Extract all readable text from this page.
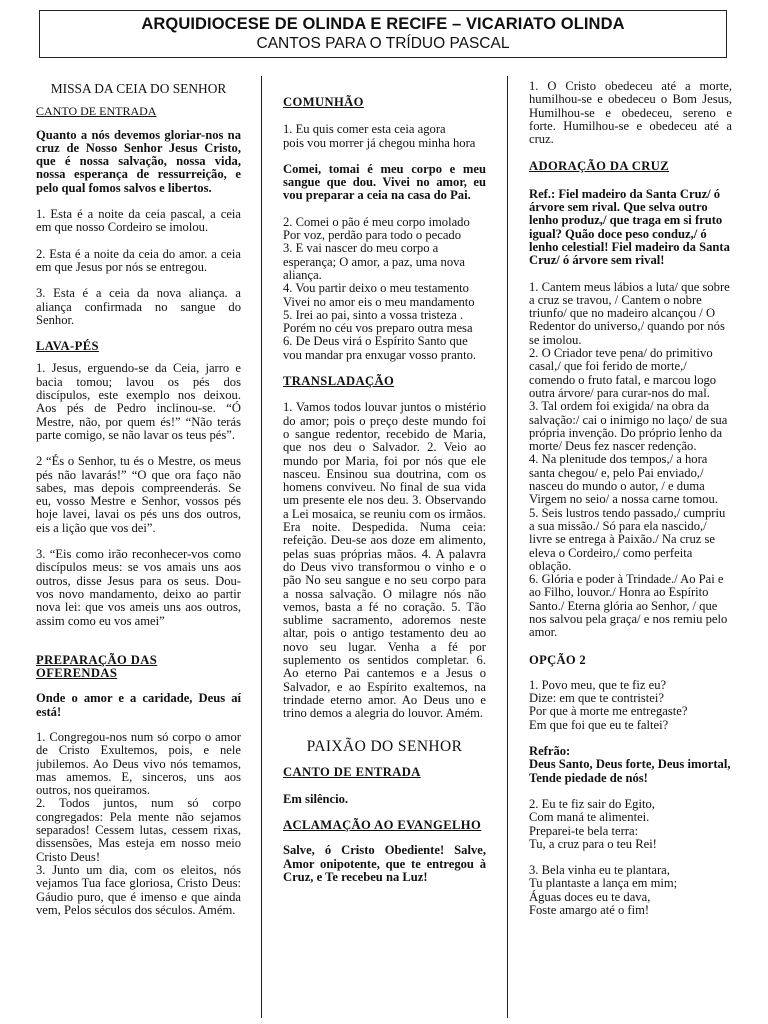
ARQUIDIOCESE DE OLINDA E RECIFE – VICARIATO OLINDA
CANTOS PARA O TRÍDUO PASCAL
MISSA DA CEIA DO SENHOR
CANTO DE ENTRADA
Quanto a nós devemos gloriar-nos na cruz de Nosso Senhor Jesus Cristo, que é nossa salvação, nossa vida, nossa esperança de ressurreição, e pelo qual fomos salvos e libertos.
1. Esta é a noite da ceia pascal, a ceia em que nosso Cordeiro se imolou.
2. Esta é a noite da ceia do amor. a ceia em que Jesus por nós se entregou.
3. Esta é a ceia da nova aliança. a aliança confirmada no sangue do Senhor.
LAVA-PÉS
1. Jesus, erguendo-se da Ceia, jarro e bacia tomou; lavou os pés dos discípulos, este exemplo nos deixou. Aos pés de Pedro inclinou-se. “Ó Mestre, não, por quem és!” “Não terás parte comigo, se não lavar os teus pés”.
2 “És o Senhor, tu és o Mestre, os meus pés não lavarás!” “O que ora faço não sabes, mas depois compreenderás. Se eu, vosso Mestre e Senhor, vossos pés hoje lavei, lavai os pés uns dos outros, eis a lição que vos dei”.
3. “Eis como irão reconhecer-vos como discípulos meus: se vos amais uns aos outros, disse Jesus para os seus. Dou-vos novo mandamento, deixo ao partir nova lei: que vos ameis uns aos outros, assim como eu vos amei”
PREPARAÇÃO DAS OFERENDAS
Onde o amor e a caridade, Deus aí está!
1. Congregou-nos num só corpo o amor de Cristo Exultemos, pois, e nele jubilemos. Ao Deus vivo nós temamos, mas amemos. E, sinceros, uns aos outros, nos queiramos.
2. Todos juntos, num só corpo congregados: Pela mente não sejamos separados! Cessem lutas, cessem rixas, dissensões, Mas esteja em nosso meio Cristo Deus!
3. Junto um dia, com os eleitos, nós vejamos Tua face gloriosa, Cristo Deus: Gáudio puro, que é imenso e que ainda vem, Pelos séculos dos séculos. Amém.
COMUNHÃO
1. Eu quis comer esta ceia agora
pois vou morrer já chegou minha hora
Comei, tomai é meu corpo e meu sangue que dou. Vivei no amor, eu vou preparar a ceia na casa do Pai.
2. Comei o pão é meu corpo imolado
Por voz, perdão para todo o pecado
3. E vai nascer do meu corpo a esperança; O amor, a paz, uma nova aliança.
4. Vou partir deixo o meu testamento
Vivei no amor eis o meu mandamento
5. Irei ao pai, sinto a vossa tristeza .
Porém no céu vos preparo outra mesa
6. De Deus virá o Espírito Santo que vou mandar pra enxugar vosso pranto.
TRANSLADAÇÃO
1. Vamos todos louvar juntos o mistério do amor; pois o preço deste mundo foi o sangue redentor, recebido de Maria, que nos deu o Salvador. 2. Veio ao mundo por Maria, foi por nós que ele nasceu. Ensinou sua doutrina, com os homens conviveu. No final de sua vida um presente ele nos deu. 3. Observando a Lei mosaica, se reuniu com os irmãos. Era noite. Despedida. Numa ceia: refeição. Deu-se aos doze em alimento, pelas suas próprias mãos. 4. A palavra do Deus vivo transformou o vinho e o pão No seu sangue e no seu corpo para a nossa salvação. O milagre nós não vemos, basta a fé no coração. 5. Tão sublime sacramento, adoremos neste altar, pois o antigo testamento deu ao novo seu lugar. Venha a fé por suplemento os sentidos completar. 6. Ao eterno Pai cantemos e a Jesus o Salvador, e ao Espírito exaltemos, na trindade eterno amor. Ao Deus uno e trino demos a alegria do louvor. Amém.
PAIXÃO DO SENHOR
CANTO DE ENTRADA
Em silêncio.
ACLAMAÇÃO AO EVANGELHO
Salve, ó Cristo Obediente! Salve, Amor onipotente, que te entregou à Cruz, e Te recebeu na Luz!
1. O Cristo obedeceu até a morte, humilhou-se e obedeceu o Bom Jesus, Humilhou-se e obedeceu, sereno e forte. Humilhou-se e obedeceu até a cruz.
ADORAÇÃO DA CRUZ
Ref.: Fiel madeiro da Santa Cruz/ ó árvore sem rival. Que selva outro lenho produz,/ que traga em si fruto igual? Quão doce peso conduz,/ ó lenho celestial! Fiel madeiro da Santa Cruz/ ó árvore sem rival!
1. Cantem meus lábios a luta/ que sobre a cruz se travou, / Cantem o nobre triunfo/ que no madeiro alcançou / O Redentor do universo,/ quando por nós se imolou.
2. O Criador teve pena/ do primitivo casal,/ que foi ferido de morte,/ comendo o fruto fatal, e marcou logo outra árvore/ para curar-nos do mal.
3. Tal ordem foi exigida/ na obra da salvação:/ cai o inimigo no laço/ de sua própria invenção. Do próprio lenho da morte/ Deus fez nascer redenção.
4. Na plenitude dos tempos,/ a hora santa chegou/ e, pelo Pai enviado,/ nasceu do mundo o autor, / e duma Virgem no seio/ a nossa carne tomou.
5. Seis lustros tendo passado,/ cumpriu a sua missão./ Só para ela nascido,/ livre se entrega à Paixão./ Na cruz se eleva o Cordeiro,/ como perfeita oblação.
6. Glória e poder à Trindade./ Ao Pai e ao Filho, louvor./ Honra ao Espírito Santo./ Eterna glória ao Senhor, / que nos salvou pela graça/ e nos remiu pelo amor.
OPÇÃO 2
1. Povo meu, que te fiz eu?
Dize: em que te contristei?
Por que à morte me entregaste?
Em que foi que eu te faltei?
Refrão:
Deus Santo, Deus forte, Deus imortal, Tende piedade de nós!
2. Eu te fiz sair do Egito,
Com maná te alimentei.
Preparei-te bela terra:
Tu, a cruz para o teu Rei!
3. Bela vinha eu te plantara,
Tu plantaste a lança em mim;
Águas doces eu te dava,
Foste amargo até o fim!
